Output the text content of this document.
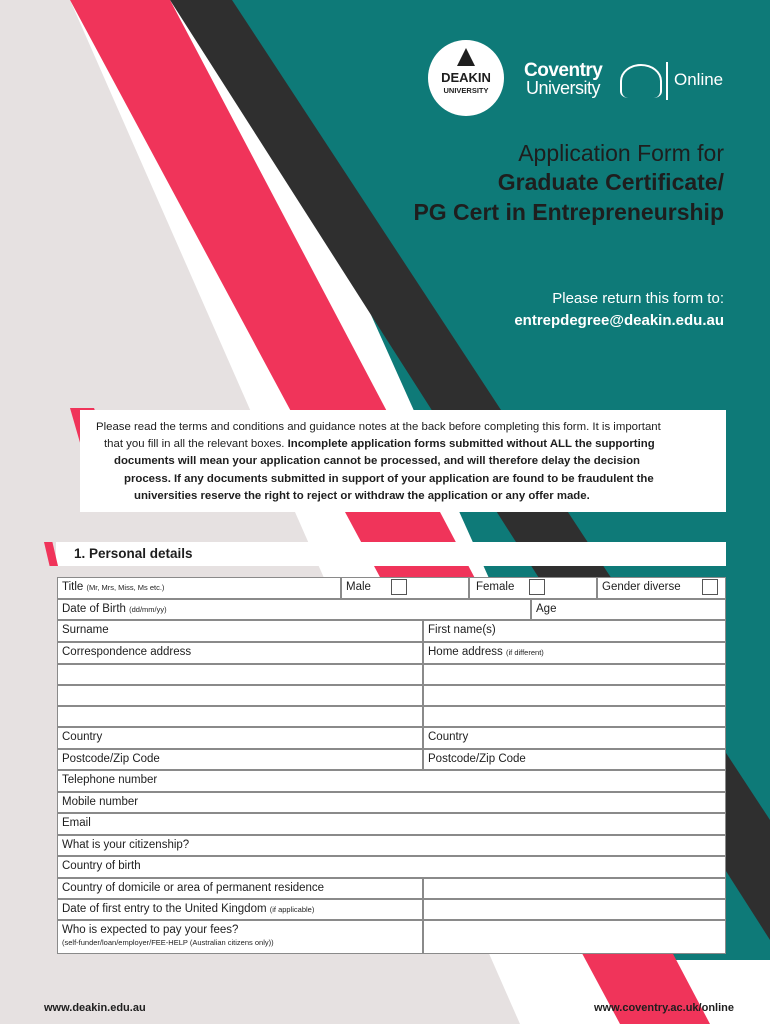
DEAKIN
UNIVERSITY
Coventry
University	Online
Application Form for
Graduate Certificate/
PG Cert in Entrepreneurship
Please return this form to:
entrepdegree@deakin.edu.au
Please read the terms and conditions and guidance notes at the back before completing this form. It is important
that you fill in all the relevant boxes. Incomplete application forms submitted without ALL the supporting
documents will mean your application cannot be processed, and will therefore delay the decision
process. If any documents submitted in support of your application are found to be fraudulent the
universities reserve the right to reject or withdraw the application or any offer made.
1. Personal details
Title (Mr, Mrs, Miss, Ms etc.)	Male	Female	Gender diverse
Date of Birth (dd/mm/yy)	Age
Surname	First name(s)
Correspondence address	Home address (if different)
Country	Country
Postcode/Zip Code	Postcode/Zip Code
Telephone number
Mobile number
Email
What is your citizenship?
Country of birth
Country of domicile or area of permanent residence
Date of first entry to the United Kingdom (if applicable)
Who is expected to pay your fees?
(self-funder/loan/employer/FEE-HELP (Australian citizens only))
www.deakin.edu.au	www.coventry.ac.uk/online
